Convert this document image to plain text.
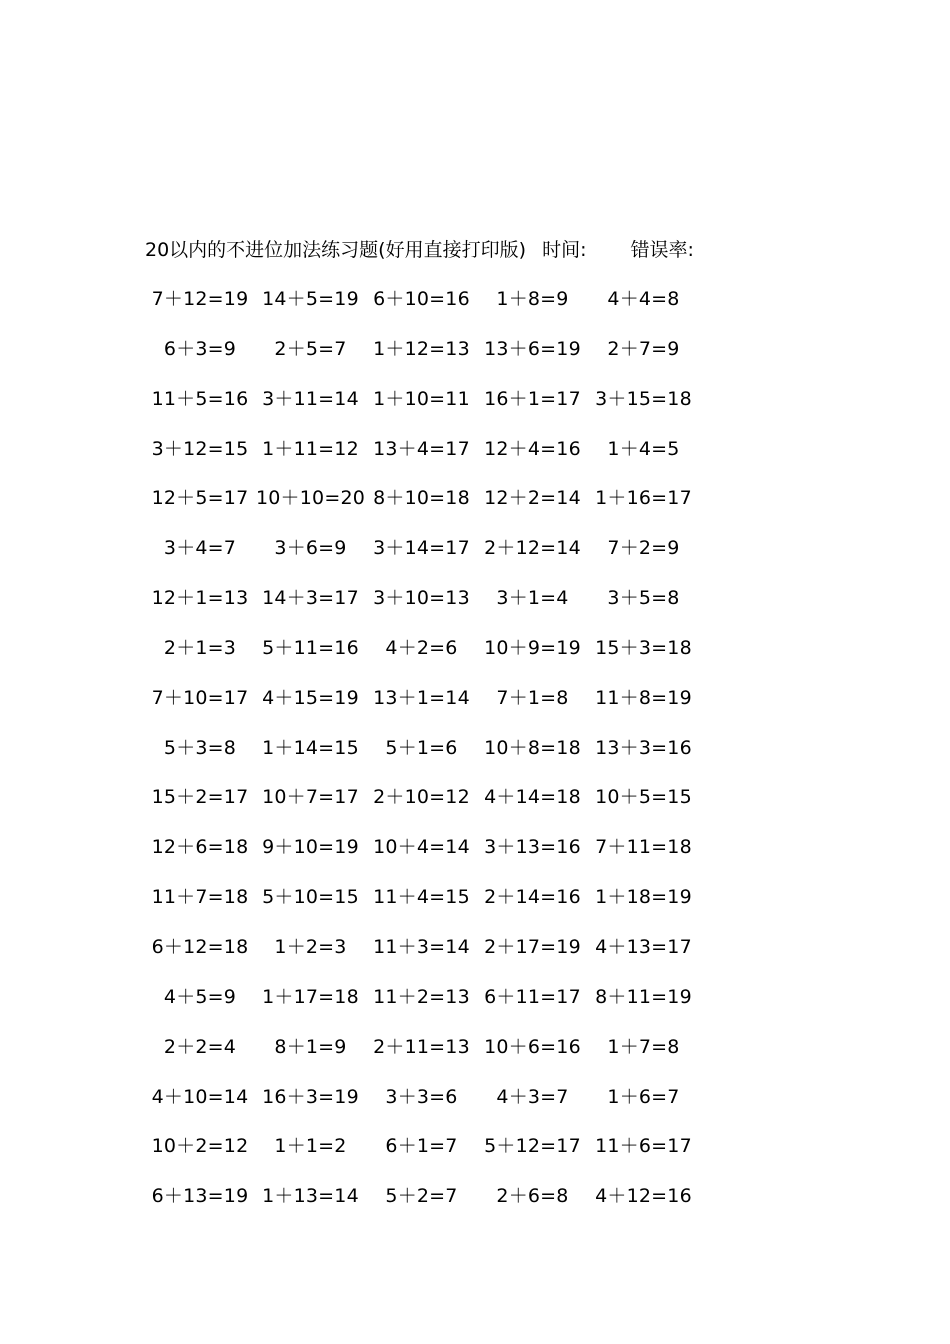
20以内的不进位加法练习题(好用直接打印版) 时间: 错误率:
7＋12=19 14＋5=19 6＋10=16	1＋8=9	4＋4=8
6＋3=9	2＋5=7	1＋12=13 13＋6=19	2＋7=9
11＋5=16 3＋11=14 1＋10=11 16＋1=17 3＋15=18
3＋12=15 1＋11=12 13＋4=17 12＋4=16	1＋4=5
12＋5=17 10＋10=20 8＋10=18 12＋2=14 1＋16=17
3＋4=7	3＋6=9	3＋14=17 2＋12=14	7＋2=9
12＋1=13 14＋3=17 3＋10=13	3＋1=4	3＋5=8
2＋1=3	5＋11=16	4＋2=6	10＋9=19 15＋3=18
7＋10=17 4＋15=19 13＋1=14	7＋1=8	11＋8=19
5＋3=8	1＋14=15	5＋1=6	10＋8=18 13＋3=16
15＋2=17 10＋7=17 2＋10=12 4＋14=18 10＋5=15
12＋6=18 9＋10=19 10＋4=14 3＋13=16 7＋11=18
11＋7=18 5＋10=15 11＋4=15 2＋14=16 1＋18=19
6＋12=18	1＋2=3	11＋3=14 2＋17=19 4＋13=17
4＋5=9	1＋17=18 11＋2=13 6＋11=17 8＋11=19
2＋2=4	8＋1=9	2＋11=13 10＋6=16	1＋7=8
4＋10=14 16＋3=19	3＋3=6	4＋3=7	1＋6=7
10＋2=12	1＋1=2	6＋1=7	5＋12=17 11＋6=17
6＋13=19 1＋13=14	5＋2=7	2＋6=8	4＋12=16
